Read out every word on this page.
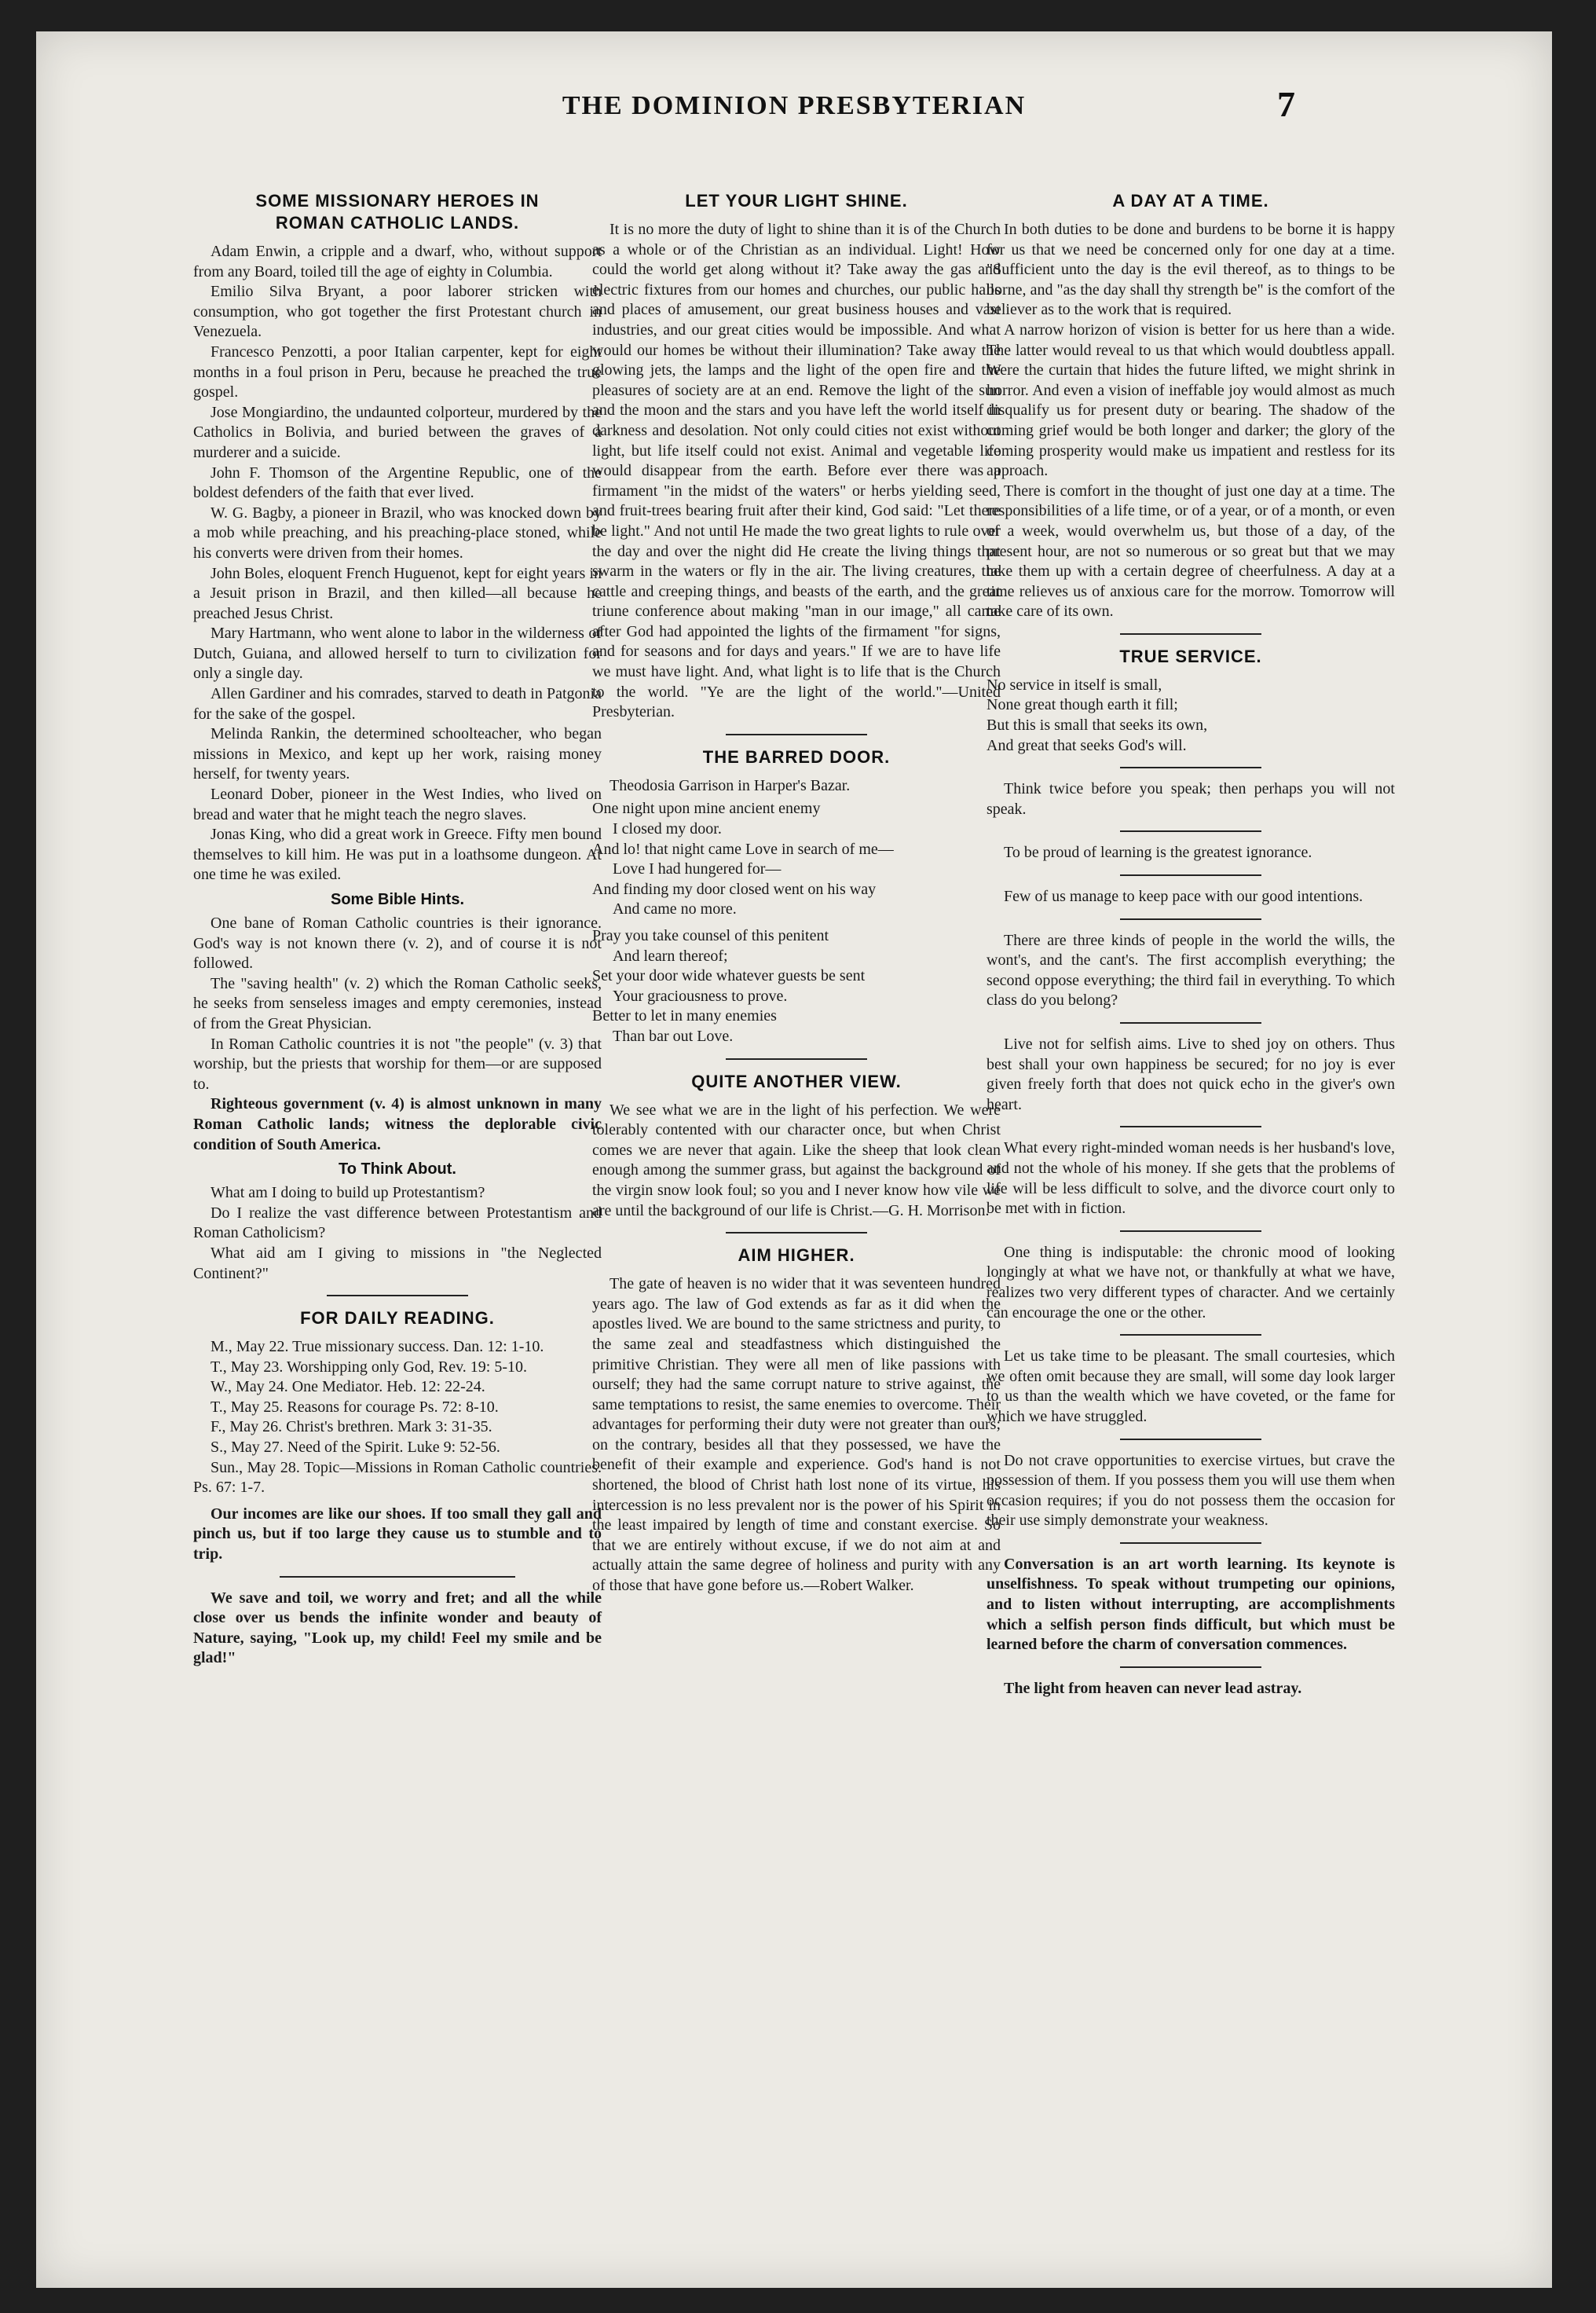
THE DOMINION PRESBYTERIAN	7
SOME MISSIONARY HEROES IN
ROMAN CATHOLIC LANDS.

Adam Enwin, a cripple and a dwarf, who, without support from any Board, toiled till the age of eighty in Columbia.

Emilio Silva Bryant, a poor laborer stricken with consumption, who got together the first Protestant church in Venezuela.

Francesco Penzotti, a poor Italian carpenter, kept for eight months in a foul prison in Peru, because he preached the true gospel.

Jose Mongiardino, the undaunted colporteur, murdered by the Catholics in Bolivia, and buried between the graves of a murderer and a suicide.

John F. Thomson of the Argentine Republic, one of the boldest defenders of the faith that ever lived.

W. G. Bagby, a pioneer in Brazil, who was knocked down by a mob while preaching, and his preaching-place stoned, while his converts were driven from their homes.

John Boles, eloquent French Huguenot, kept for eight years in a Jesuit prison in Brazil, and then killed—all because he preached Jesus Christ.

Mary Hartmann, who went alone to labor in the wilderness of Dutch, Guiana, and allowed herself to turn to civilization for only a single day.

Allen Gardiner and his comrades, starved to death in Patgonia for the sake of the gospel.

Melinda Rankin, the determined schoolteacher, who began missions in Mexico, and kept up her work, raising money herself, for twenty years.

Leonard Dober, pioneer in the West Indies, who lived on bread and water that he might teach the negro slaves.

Jonas King, who did a great work in Greece. Fifty men bound themselves to kill him. He was put in a loathsome dungeon. At one time he was exiled.

Some Bible Hints.

One bane of Roman Catholic countries is their ignorance. God's way is not known there (v. 2), and of course it is not followed.

The "saving health" (v. 2) which the Roman Catholic seeks, he seeks from senseless images and empty ceremonies, instead of from the Great Physician.

In Roman Catholic countries it is not "the people" (v. 3) that worship, but the priests that worship for them—or are supposed to.

Righteous government (v. 4) is almost unknown in many Roman Catholic lands; witness the deplorable civic condition of South America.

To Think About.

What am I doing to build up Protestantism?

Do I realize the vast difference between Protestantism and Roman Catholicism?

What aid am I giving to missions in "the Neglected Continent?"

FOR DAILY READING.

M., May 22. True missionary success. Dan. 12: 1-10.

T., May 23. Worshipping only God, Rev. 19: 5-10.

W., May 24. One Mediator. Heb. 12: 22-24.

T., May 25. Reasons for courage Ps. 72: 8-10.

F., May 26. Christ's brethren. Mark 3: 31-35.

S., May 27. Need of the Spirit. Luke 9: 52-56.

Sun., May 28. Topic—Missions in Roman Catholic countries. Ps. 67: 1-7.

Our incomes are like our shoes. If too small they gall and pinch us, but if too large they cause us to stumble and to trip.

We save and toil, we worry and fret; and all the while close over us bends the infinite wonder and beauty of Nature, saying, "Look up, my child! Feel my smile and be glad!"

LET YOUR LIGHT SHINE.

It is no more the duty of light to shine than it is of the Church as a whole or of the Christian as an individual. Light! How could the world get along without it? Take away the gas and electric fixtures from our homes and churches, our public halls and places of amusement, our great business houses and vast industries, and our great cities would be impossible. And what would our homes be without their illumination? Take away the glowing jets, the lamps and the light of the open fire and the pleasures of society are at an end. Remove the light of the sun and the moon and the stars and you have left the world itself in darkness and desolation. Not only could cities not exist without light, but life itself could not exist. Animal and vegetable life would disappear from the earth. Before ever there was a firmament "in the midst of the waters" or herbs yielding seed, and fruit-trees bearing fruit after their kind, God said: "Let there be light." And not until He made the two great lights to rule over the day and over the night did He create the living things that swarm in the waters or fly in the air. The living creatures, the cattle and creeping things, and beasts of the earth, and the great triune conference about making "man in our image," all came after God had appointed the lights of the firmament "for signs, and for seasons and for days and years." If we are to have life we must have light. And, what light is to life that is the Church to the world. "Ye are the light of the world."—United Presbyterian.

THE BARRED DOOR.
Theodosia Garrison in Harper's Bazar.
One night upon mine ancient enemy
I closed my door.
And lo! that night came Love in search of me—
Love I had hungered for—
And finding my door closed went on his way
And came no more.
Pray you take counsel of this penitent
And learn thereof;
Set your door wide whatever guests be sent
Your graciousness to prove.
Better to let in many enemies
Than bar out Love.
QUITE ANOTHER VIEW.

We see what we are in the light of his perfection. We were tolerably contented with our character once, but when Christ comes we are never that again. Like the sheep that look clean enough among the summer grass, but against the background of the virgin snow look foul; so you and I never know how vile we are until the background of our life is Christ.—G. H. Morrison.

AIM HIGHER.

The gate of heaven is no wider that it was seventeen hundred years ago. The law of God extends as far as it did when the apostles lived. We are bound to the same strictness and purity, to the same zeal and steadfastness which distinguished the primitive Christian. They were all men of like passions with ourself; they had the same corrupt nature to strive against, the same temptations to resist, the same enemies to overcome. Their advantages for performing their duty were not greater than ours; on the contrary, besides all that they possessed, we have the benefit of their example and experience. God's hand is not shortened, the blood of Christ hath lost none of its virtue, his intercession is no less prevalent nor is the power of his Spirit in the least impaired by length of time and constant exercise. So that we are entirely without excuse, if we do not aim at and actually attain the same degree of holiness and purity with any of those that have gone before us.—Robert Walker.

A DAY AT A TIME.

In both duties to be done and burdens to be borne it is happy for us that we need be concerned only for one day at a time. "Sufficient unto the day is the evil thereof, as to things to be borne, and "as the day shall thy strength be" is the comfort of the believer as to the work that is required.

A narrow horizon of vision is better for us here than a wide. The latter would reveal to us that which would doubtless appall. Were the curtain that hides the future lifted, we might shrink in horror. And even a vision of ineffable joy would almost as much disqualify us for present duty or bearing. The shadow of the coming grief would be both longer and darker; the glory of the coming prosperity would make us impatient and restless for its approach.

There is comfort in the thought of just one day at a time. The responsibilities of a life time, or of a year, or of a month, or even of a week, would overwhelm us, but those of a day, of the present hour, are not so numerous or so great but that we may take them up with a certain degree of cheerfulness. A day at a time relieves us of anxious care for the morrow. Tomorrow will take care of its own.

TRUE SERVICE.
No service in itself is small,
None great though earth it fill;
But this is small that seeks its own,
And great that seeks God's will.

Think twice before you speak; then perhaps you will not speak.

To be proud of learning is the greatest ignorance.

Few of us manage to keep pace with our good intentions.

There are three kinds of people in the world the wills, the wont's, and the cant's. The first accomplish everything; the second oppose everything; the third fail in everything. To which class do you belong?

Live not for selfish aims. Live to shed joy on others. Thus best shall your own happiness be secured; for no joy is ever given freely forth that does not quick echo in the giver's own heart.

What every right-minded woman needs is her husband's love, and not the whole of his money. If she gets that the problems of life will be less difficult to solve, and the divorce court only to be met with in fiction.

One thing is indisputable: the chronic mood of looking longingly at what we have not, or thankfully at what we have, realizes two very different types of character. And we certainly can encourage the one or the other.

Let us take time to be pleasant. The small courtesies, which we often omit because they are small, will some day look larger to us than the wealth which we have coveted, or the fame for which we have struggled.

Do not crave opportunities to exercise virtues, but crave the possession of them. If you possess them you will use them when occasion requires; if you do not possess them the occasion for their use simply demonstrate your weakness.

Conversation is an art worth learning. Its keynote is unselfishness. To speak without trumpeting our opinions, and to listen without interrupting, are accomplishments which a selfish person finds difficult, but which must be learned before the charm of conversation commences.

The light from heaven can never lead astray.
